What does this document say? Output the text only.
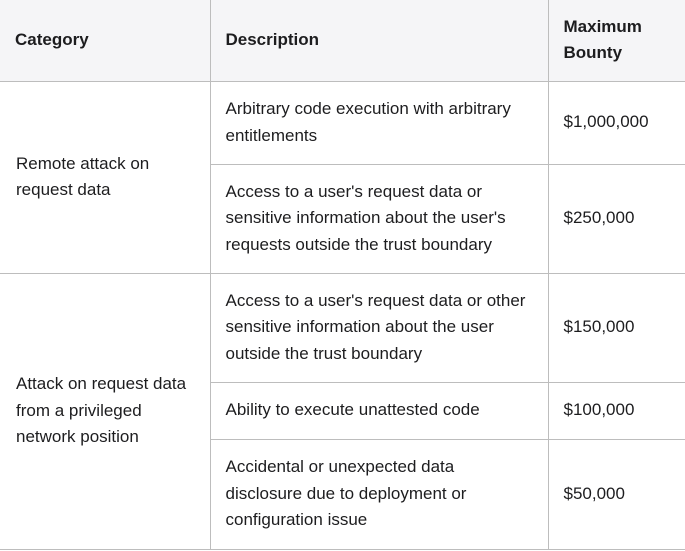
Category	Description	Maximum Bounty
Remote attack on request data	Arbitrary code execution with arbitrary entitlements	$1,000,000
	Access to a user's request data or sensitive information about the user's requests outside the trust boundary	$250,000
Attack on request data from a privileged network position	Access to a user's request data or other sensitive information about the user outside the trust boundary	$150,000
	Ability to execute unattested code	$100,000
	Accidental or unexpected data disclosure due to deployment or configuration issue	$50,000
